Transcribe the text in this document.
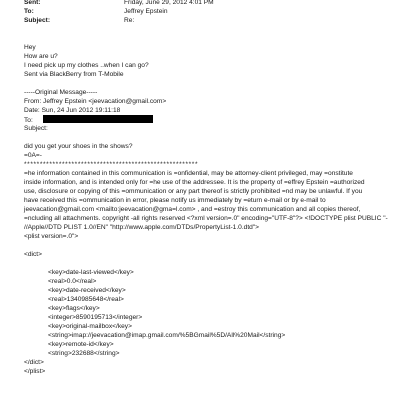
Sent:	Friday, June 29, 2012 4:01 PM
To:	Jeffrey Epstein
Subject:	Re:
Hey
How are u?
I need pick up my clothes ..when I can go?
Sent via BlackBerry from T-Mobile
-----Original Message-----
From: Jeffrey Epstein <jeevacation@gmail.com>
Date: Sun, 24 Jun 2012 19:11:18
To:
Subject:
did you get your shoes in the shows?
=0A=-
*******************************************************
=he information contained in this communication is =onfidential, may be attorney-client privileged, may =onstitute
inside information, and is intended only for =he use of the addressee. It is the property of =effrey Epstein =authorized
use, disclosure or copying of this =ommunication or any part thereof is strictly prohibited =nd may be unlawful. If you
have received this =ommunication in error, please notify us immediately by =eturn e-mail or by e-mail to
jeevacation@gmail.com <mailto:jeevacation@gma=l.com> , and =estroy this communication and all copies thereof,
=ncluding all attachments. copyright -all rights reserved <?xml version=.0" encoding="UTF-8"?> <!DOCTYPE plist PUBLIC "-
//Apple//DTD PLIST 1.0//EN" "http://www.apple.com/DTDs/PropertyList-1.0.dtd">
<plist version=.0">
<dict>
<key>date-last-viewed</key>
<real>0.0</real>
<key>date-received</key>
<real>1340985648</real>
<key>flags</key>
<integer>8590195713</integer>
<key>original-mailbox</key>
<string>imap://jeevacation@imap.gmail.com/%5BGmail%5D/All%20Mail</string>
<key>remote-id</key>
<string>232688</string>
</dict>
</plist>
